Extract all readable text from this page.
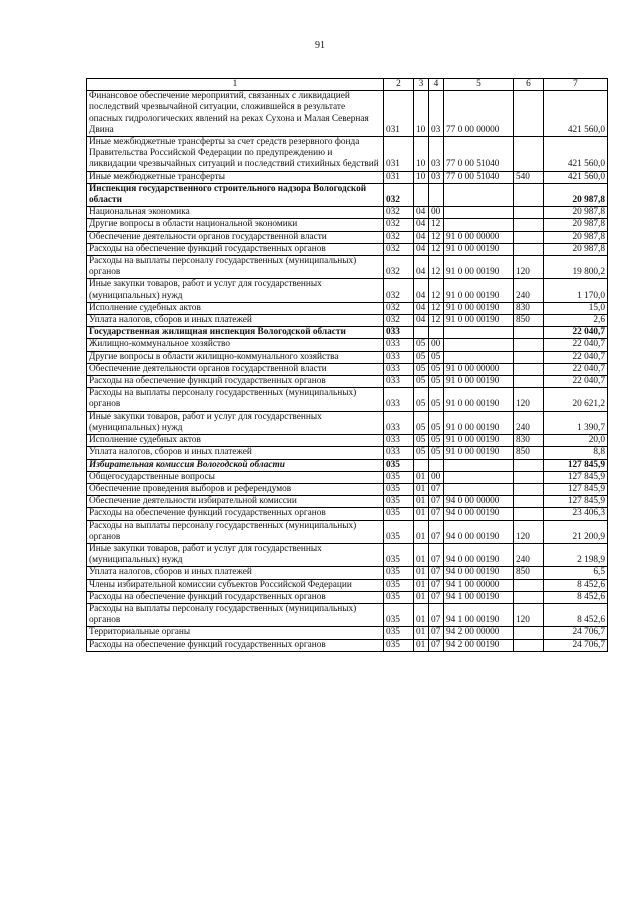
91
1	2	3	4	5	6	7
Финансовое обеспечение мероприятий, связанных с ликвидацией последствий чрезвычайной ситуации, сложившейся в результате опасных гидрологических явлений на реках Сухона и Малая Северная Двина	031	10	03	77 0 00 00000		421 560,0
Иные межбюджетные трансферты за счет средств резервного фонда Правительства Российской Федерации по предупреждению и ликвидации чрезвычайных ситуаций и последствий стихийных бедствий	031	10	03	77 0 00 51040		421 560,0
Иные межбюджетные трансферты	031	10	03	77 0 00 51040	540	421 560,0
Инспекция государственного строительного надзора Вологодской области	032					20 987,8
Национальная экономика	032	04	00			20 987,8
Другие вопросы в области национальной экономики	032	04	12			20 987,8
Обеспечение деятельности органов государственной власти	032	04	12	91 0 00 00000		20 987,8
Расходы на обеспечение функций государственных органов	032	04	12	91 0 00 00190		20 987,8
Расходы на выплаты персоналу государственных (муниципальных) органов	032	04	12	91 0 00 00190	120	19 800,2
Иные закупки товаров, работ и услуг для государственных (муниципальных) нужд	032	04	12	91 0 00 00190	240	1 170,0
Исполнение судебных актов	032	04	12	91 0 00 00190	830	15,0
Уплата налогов, сборов и иных платежей	032	04	12	91 0 00 00190	850	2,6
Государственная жилищная инспекция Вологодской области	033					22 040,7
Жилищно-коммунальное хозяйство	033	05	00			22 040,7
Другие вопросы в области жилищно-коммунального хозяйства	033	05	05			22 040,7
Обеспечение деятельности органов государственной власти	033	05	05	91 0 00 00000		22 040,7
Расходы на обеспечение функций государственных органов	033	05	05	91 0 00 00190		22 040,7
Расходы на выплаты персоналу государственных (муниципальных) органов	033	05	05	91 0 00 00190	120	20 621,2
Иные закупки товаров, работ и услуг для государственных (муниципальных) нужд	033	05	05	91 0 00 00190	240	1 390,7
Исполнение судебных актов	033	05	05	91 0 00 00190	830	20,0
Уплата налогов, сборов и иных платежей	033	05	05	91 0 00 00190	850	8,8
Избирательная комиссия Вологодской области	035					127 845,9
Общегосударственные вопросы	035	01	00			127 845,9
Обеспечение проведения выборов и референдумов	035	01	07			127 845,9
Обеспечение деятельности избирательной комиссии	035	01	07	94 0 00 00000		127 845,9
Расходы на обеспечение функций государственных органов	035	01	07	94 0 00 00190		23 406,3
Расходы на выплаты персоналу государственных (муниципальных) органов	035	01	07	94 0 00 00190	120	21 200,9
Иные закупки товаров, работ и услуг для государственных (муниципальных) нужд	035	01	07	94 0 00 00190	240	2 198,9
Уплата налогов, сборов и иных платежей	035	01	07	94 0 00 00190	850	6,5
Члены избирательной комиссии субъектов Российской Федерации	035	01	07	94 1 00 00000		8 452,6
Расходы на обеспечение функций государственных органов	035	01	07	94 1 00 00190		8 452,6
Расходы на выплаты персоналу государственных (муниципальных) органов	035	01	07	94 1 00 00190	120	8 452,6
Территориальные органы	035	01	07	94 2 00 00000		24 706,7
Расходы на обеспечение функций государственных органов	035	01	07	94 2 00 00190		24 706,7
